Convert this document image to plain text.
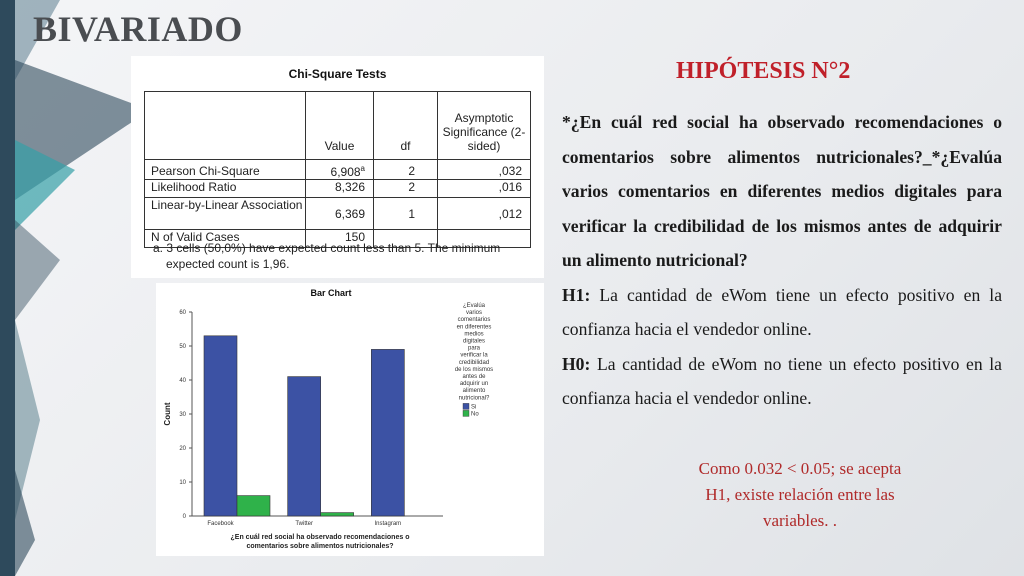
BIVARIADO
Chi-Square Tests
	Value	df	Asymptotic Significance (2-sided)
Pearson Chi-Square	6,908$^a$	2	,032
Likelihood Ratio	8,326	2	,016
Linear-by-Linear Association	6,369	1	,012
N of Valid Cases	150		
a. 3 cells (50,0%) have expected count less than 5. The minimum
expected count is 1,96.
Bar Chart
0
10
20
30
40
50
60
Count
Facebook	Twitter	Instagram
¿En cuál red social ha observado recomendaciones o
comentarios sobre alimentos nutricionales?
¿Evalúa
varios
comentarios
en diferentes
medios
digitales
para
verificar la
credibilidad
de los mismos
antes de
adquirir un
alimento
nutricional?
Si
No
HIPÓTESIS N°2

*¿En cuál red social ha observado recomendaciones o comentarios sobre alimentos nutricionales?_*¿Evalúa varios comentarios en diferentes medios digitales para verificar la credibilidad de los mismos antes de adquirir un alimento nutricional?

H1: La cantidad de eWom tiene un efecto positivo en la confianza hacia el vendedor online.

H0: La cantidad de eWom no tiene un efecto positivo en la confianza hacia el vendedor online.

Como 0.032 < 0.05; se acepta H1, existe relación entre las variables. .
